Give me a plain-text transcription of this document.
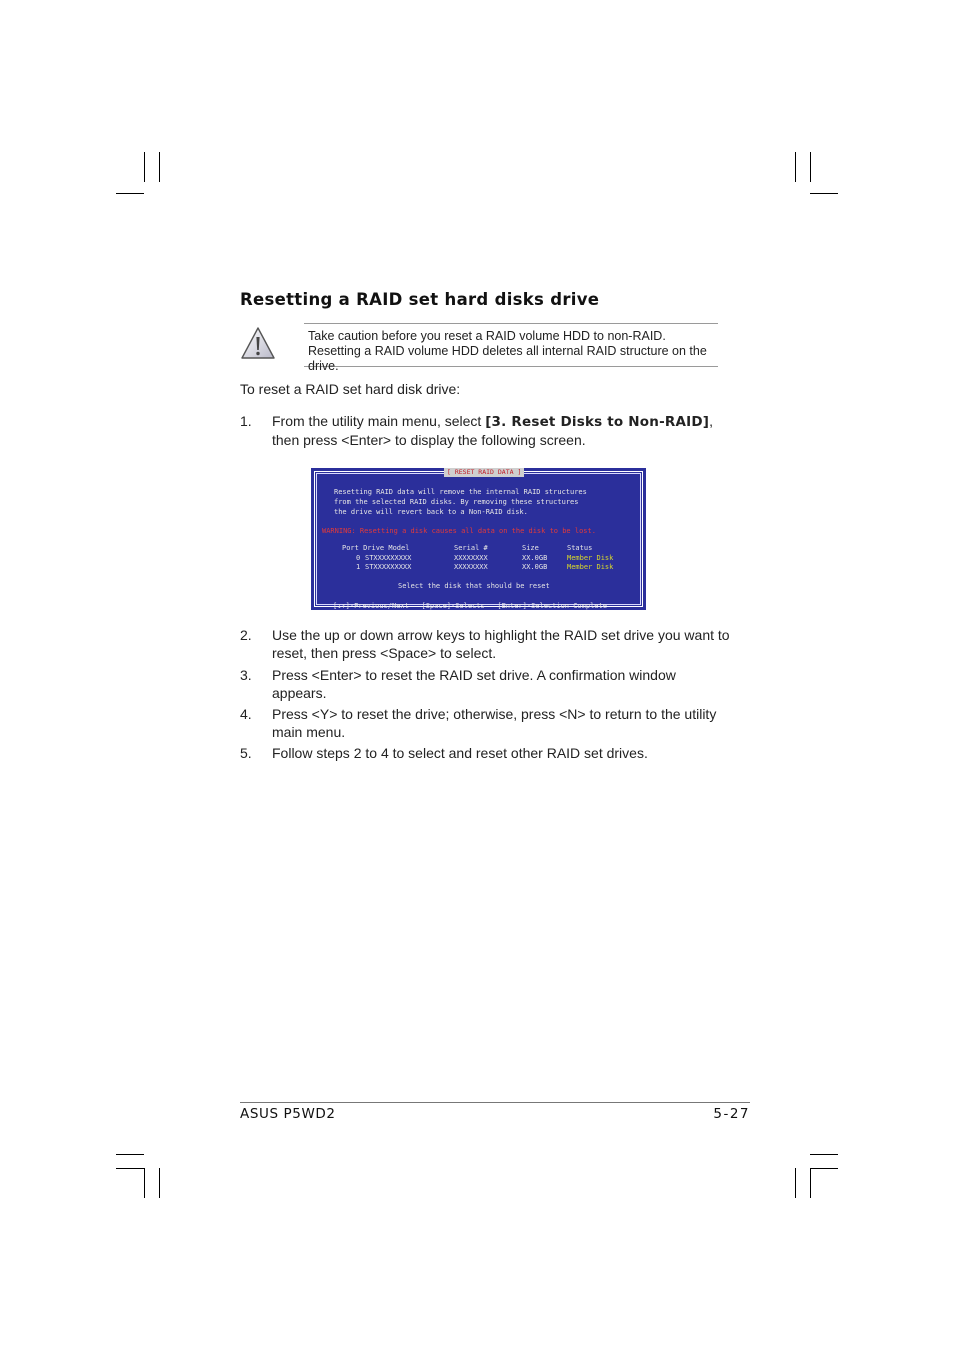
Resetting a RAID set hard disks drive
Take caution before you reset a RAID volume HDD to non-RAID. Resetting a RAID volume HDD deletes all internal RAID structure on the drive.
To reset a RAID set hard disk drive:
1. From the utility main menu, select [3. Reset Disks to Non-RAID], then press <Enter> to display the following screen.
[ RESET RAID DATA ]
Resetting RAID data will remove the internal RAID structures
from the selected RAID disks. By removing these structures
the drive will revert back to a Non-RAID disk.
WARNING: Resetting a disk causes all data on the disk to be lost.
Port Drive Model	Serial #	Size	Status
0 STXXXXXXXXX	XXXXXXXX	XX.0GB	Member Disk
1 STXXXXXXXXX	XXXXXXXX	XX.0GB	Member Disk
Select the disk that should be reset
[↓↑]-Previous/Next   [Space]-Selects   [Enter]-Selection Complete
2. Use the up or down arrow keys to highlight the RAID set drive you want to reset, then press <Space> to select.
3. Press <Enter> to reset the RAID set drive. A confirmation window appears.
4. Press <Y> to reset the drive; otherwise, press <N> to return to the utility main menu.
5. Follow steps 2 to 4 to select and reset other RAID set drives.
ASUS P5WD2	5-27
